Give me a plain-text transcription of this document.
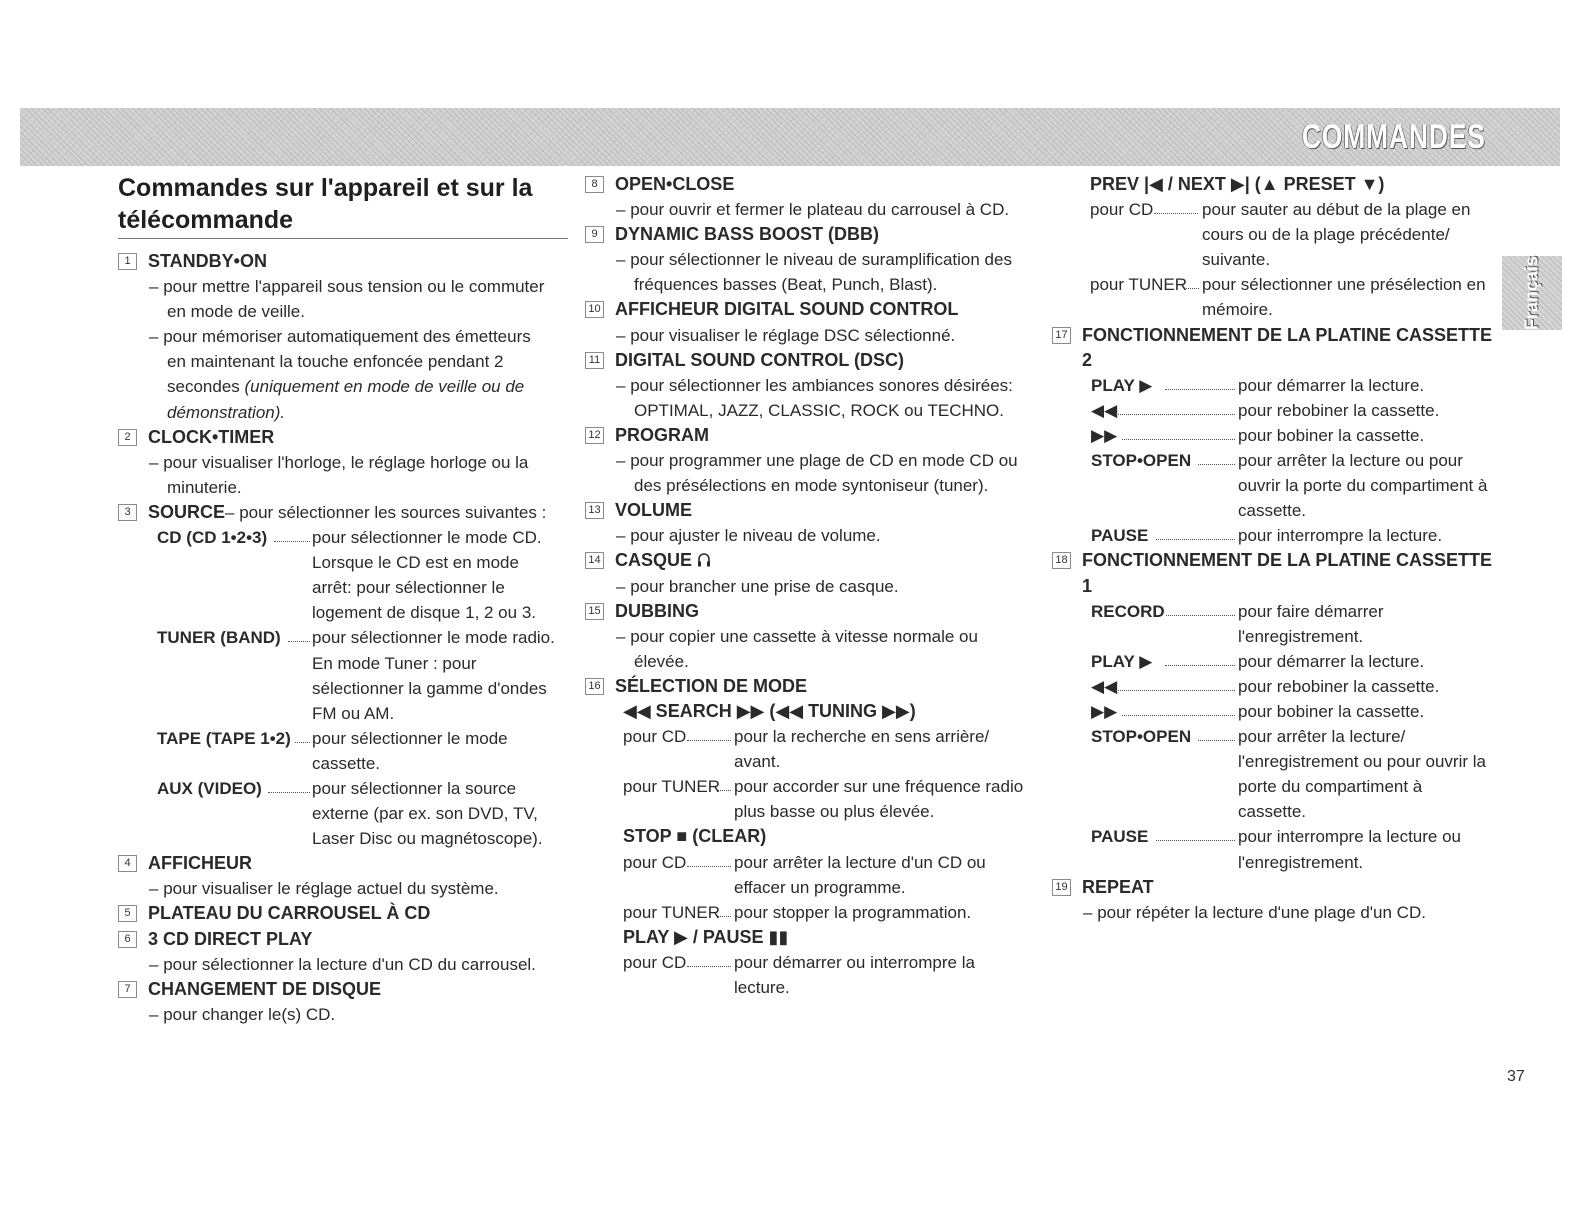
COMMANDES
Français
Commandes sur l'appareil et sur la
télécommande
1 STANDBY•ON
– pour mettre l'appareil sous tension ou le commuter
en mode de veille.
– pour mémoriser automatiquement des émetteurs
en maintenant la touche enfoncée pendant 2
secondes (uniquement en mode de veille ou de
démonstration).
2 CLOCK•TIMER
– pour visualiser l'horloge, le réglage horloge ou la
minuterie.
3 SOURCE– pour sélectionner les sources suivantes :
CD (CD 1•2•3)	pour sélectionner le mode CD.
Lorsque le CD est en mode
arrêt: pour sélectionner le
logement de disque 1, 2 ou 3.
TUNER (BAND) pour sélectionner le mode radio.
En mode Tuner : pour
sélectionner la gamme d'ondes
FM ou AM.
TAPE (TAPE 1•2) pour sélectionner le mode
cassette.
AUX (VIDEO)	pour sélectionner la source
externe (par ex. son DVD, TV,
Laser Disc ou magnétoscope).
4 AFFICHEUR
– pour visualiser le réglage actuel du système.
5 PLATEAU DU CARROUSEL À CD
6 3 CD DIRECT PLAY
– pour sélectionner la lecture d'un CD du carrousel.
7 CHANGEMENT DE DISQUE
– pour changer le(s) CD.
8 OPEN•CLOSE
– pour ouvrir et fermer le plateau du carrousel à CD.
9 DYNAMIC BASS BOOST (DBB)
– pour sélectionner le niveau de suramplification des
fréquences basses (Beat, Punch, Blast).
10 AFFICHEUR DIGITAL SOUND CONTROL
– pour visualiser le réglage DSC sélectionné.
11 DIGITAL SOUND CONTROL (DSC)
– pour sélectionner les ambiances sonores désirées:
OPTIMAL, JAZZ, CLASSIC, ROCK ou TECHNO.
12 PROGRAM
– pour programmer une plage de CD en mode CD ou
des présélections en mode syntoniseur (tuner).
13 VOLUME
– pour ajuster le niveau de volume.
14 CASQUE
– pour brancher une prise de casque.
15 DUBBING
– pour copier une cassette à vitesse normale ou
élevée.
16 SÉLECTION DE MODE
◀◀ SEARCH ▶▶ (◀◀ TUNING ▶▶)
pour CD	pour la recherche en sens arrière/
avant.
pour TUNER pour accorder sur une fréquence radio
plus basse ou plus élevée.
STOP ■ (CLEAR)
pour CD	pour arrêter la lecture d'un CD ou
effacer un programme.
pour TUNER pour stopper la programmation.
PLAY ▶ / PAUSE ▮▮
pour CD	pour démarrer ou interrompre la
lecture.
PREV |◀ / NEXT ▶| (▲ PRESET ▼)
pour CD	pour sauter au début de la plage en
cours ou de la plage précédente/
suivante.
pour TUNER pour sélectionner une présélection en
mémoire.
17 FONCTIONNEMENT DE LA PLATINE CASSETTE
2
PLAY ▶	pour démarrer la lecture.
◀◀	pour rebobiner la cassette.
▶▶	pour bobiner la cassette.
STOP•OPEN	pour arrêter la lecture ou pour
ouvrir la porte du compartiment à
cassette.
PAUSE	pour interrompre la lecture.
18 FONCTIONNEMENT DE LA PLATINE CASSETTE
1
RECORD	pour faire démarrer
l'enregistrement.
PLAY ▶	pour démarrer la lecture.
◀◀	pour rebobiner la cassette.
▶▶	pour bobiner la cassette.
STOP•OPEN	pour arrêter la lecture/
l'enregistrement ou pour ouvrir la
porte du compartiment à
cassette.
PAUSE	pour interrompre la lecture ou
l'enregistrement.
19 REPEAT
– pour répéter la lecture d'une plage d'un CD.
37
